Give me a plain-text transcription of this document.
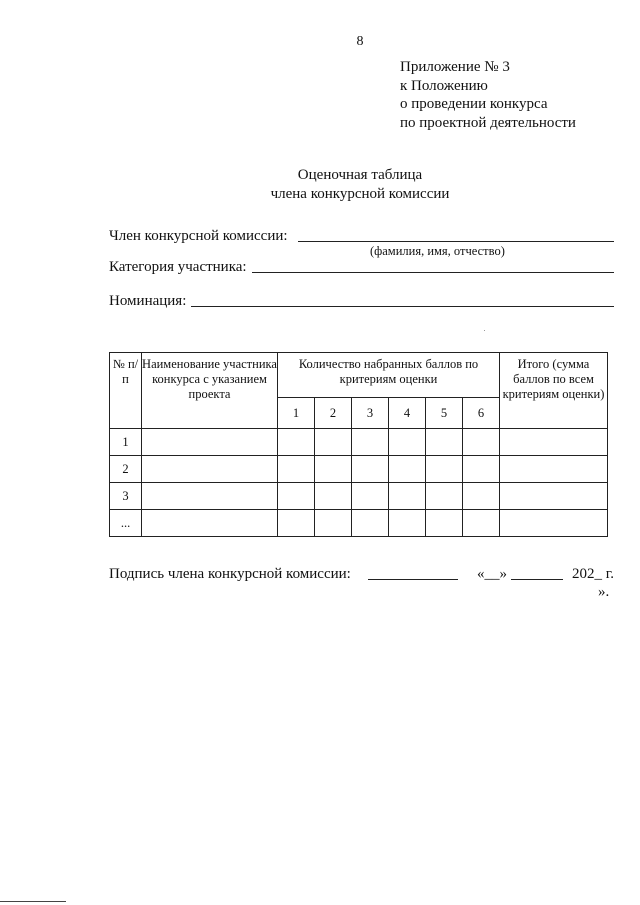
8
Приложение № 3
к Положению
о проведении конкурса
по проектной деятельности
Оценочная таблица
члена конкурсной комиссии
Член конкурсной комиссии:
(фамилия, имя, отчество)
Категория участника:
Номинация:
№ п/п	Наименование участника конкурса с указанием проекта	Количество набранных баллов по критериям оценки						Итого (сумма баллов по всем критериям оценки)
		1	2	3	4	5	6	
1								
2								
3								
...								
Подпись члена конкурсной комиссии:	«__»	202_ г.
».
